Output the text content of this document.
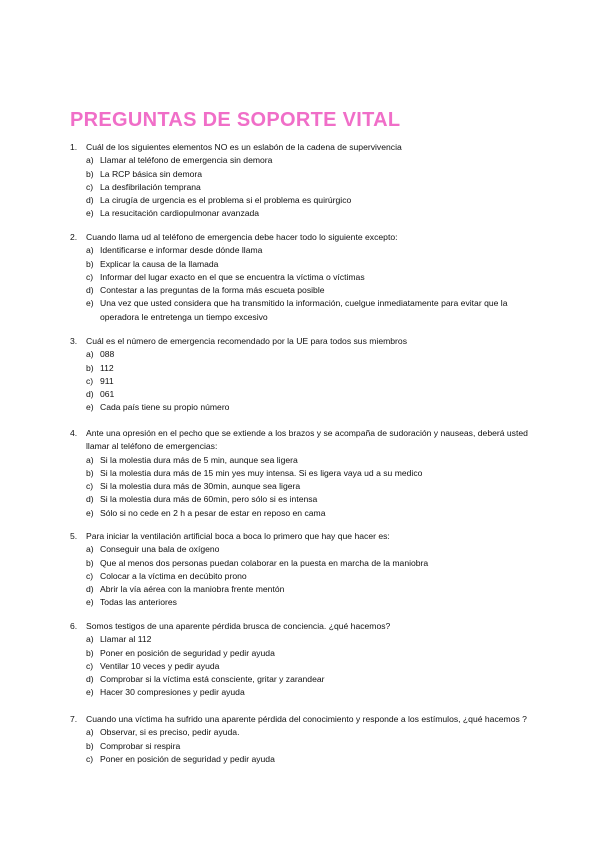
PREGUNTAS DE SOPORTE VITAL
1.	Cuál de los siguientes elementos NO es un eslabón de la cadena de supervivencia
a) Llamar al teléfono de emergencia sin demora
b) La RCP básica sin demora
c) La desfibrilación temprana
d) La cirugía de urgencia es el problema si el problema es quirúrgico
e) La resucitación cardiopulmonar avanzada
2.	Cuando llama ud al teléfono de emergencia debe hacer todo lo siguiente excepto:
a) Identificarse e informar desde dónde llama
b) Explicar la causa de la llamada
c) Informar del lugar exacto en el que se encuentra la víctima o víctimas
d) Contestar a las preguntas de la forma más escueta posible
e) Una vez que usted considera que ha transmitido la información, cuelgue inmediatamente para evitar que la operadora le entretenga un tiempo excesivo
3.	Cuál es el número de emergencia recomendado por la UE para todos sus miembros
a) 088
b) 112
c) 911
d) 061
e) Cada país tiene su propio número
4.	Ante una opresión en el pecho que se extiende a los brazos y se acompaña de sudoración y nauseas, deberá usted llamar al teléfono de emergencias:
a) Si la molestia dura más de 5 min, aunque sea ligera
b) Si la molestia dura más de 15 min yes muy intensa. Si es ligera vaya ud a su medico
c) Si la molestia dura más de 30min, aunque sea ligera
d) Si la molestia dura más de 60min, pero sólo si es intensa
e) Sólo si no cede en 2 h a pesar de estar en reposo en cama
5.	Para iniciar la ventilación artificial boca a boca lo primero que hay que hacer es:
a) Conseguir una bala de oxígeno
b) Que al menos dos personas puedan colaborar en la puesta en marcha de la maniobra
c) Colocar a la víctima en decúbito prono
d) Abrir la vía aérea con la maniobra frente mentón
e) Todas las anteriores
6.	Somos testigos de una aparente pérdida brusca de conciencia. ¿qué hacemos?
a) Llamar al 112
b) Poner en posición de seguridad y pedir ayuda
c) Ventilar 10 veces y pedir ayuda
d) Comprobar si la víctima está consciente, gritar y zarandear
e) Hacer 30 compresiones y pedir ayuda
7.	Cuando una víctima ha sufrido una aparente pérdida del conocimiento y responde a los estímulos, ¿qué hacemos ?
a) Observar, si es preciso, pedir ayuda.
b) Comprobar si respira
c) Poner en posición de seguridad y pedir ayuda
